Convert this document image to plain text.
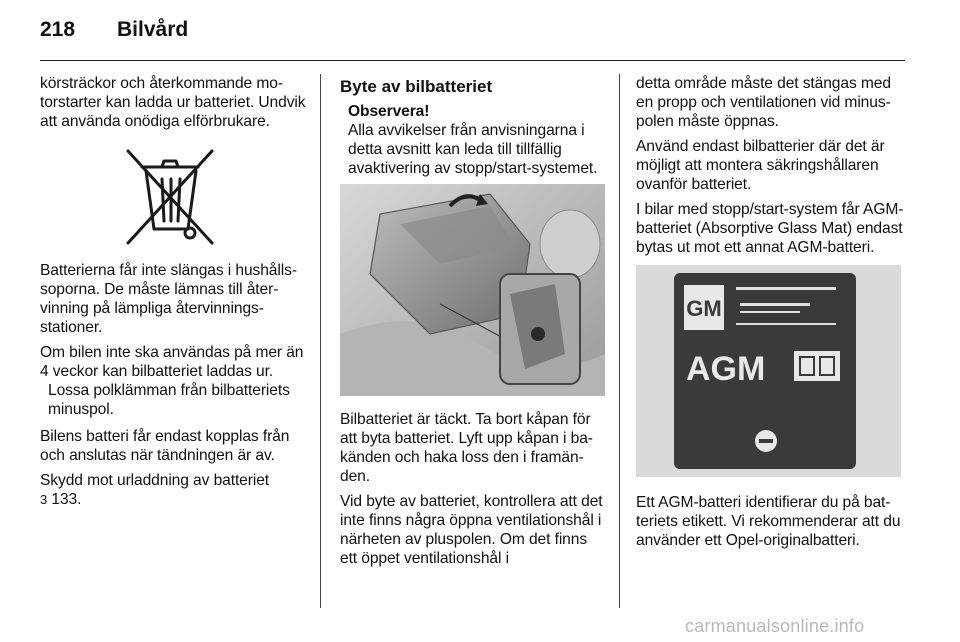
218 Bilvård

körsträckor och återkommande motorstarter kan ladda ur batteriet. Undvik att använda onödiga elförbrukare.

Batterierna får inte slängas i hushållssoporna. De måste lämnas till återvinning på lämpliga återvinningsstationer.

Om bilen inte ska användas på mer än 4 veckor kan bilbatteriet laddas ur.

Lossa polklämman från bilbatteriets minuspol.

Bilens batteri får endast kopplas från och anslutas när tändningen är av.

Skydd mot urladdning av batteriet
3 133.

Byte av bilbatteriet

Observera!

Alla avvikelser från anvisningarna i detta avsnitt kan leda till tillfällig avaktivering av stopp/start-systemet.

Bilbatteriet är täckt. Ta bort kåpan för att byta batteriet. Lyft upp kåpan i bakänden och haka loss den i framänden.

Vid byte av batteriet, kontrollera att det inte finns några öppna ventilationshål i närheten av pluspolen. Om det finns ett öppet ventilationshål i

detta område måste det stängas med en propp och ventilationen vid minuspolen måste öppnas.

Använd endast bilbatterier där det är möjligt att montera säkringshållaren ovanför batteriet.

I bilar med stopp/start-system får AGM-batteriet (Absorptive Glass Mat) endast bytas ut mot ett annat AGM-batteri.

GM
AGM

Ett AGM-batteri identifierar du på batteriets etikett. Vi rekommenderar att du använder ett Opel-originalbatteri.

carmanualsonline.info
